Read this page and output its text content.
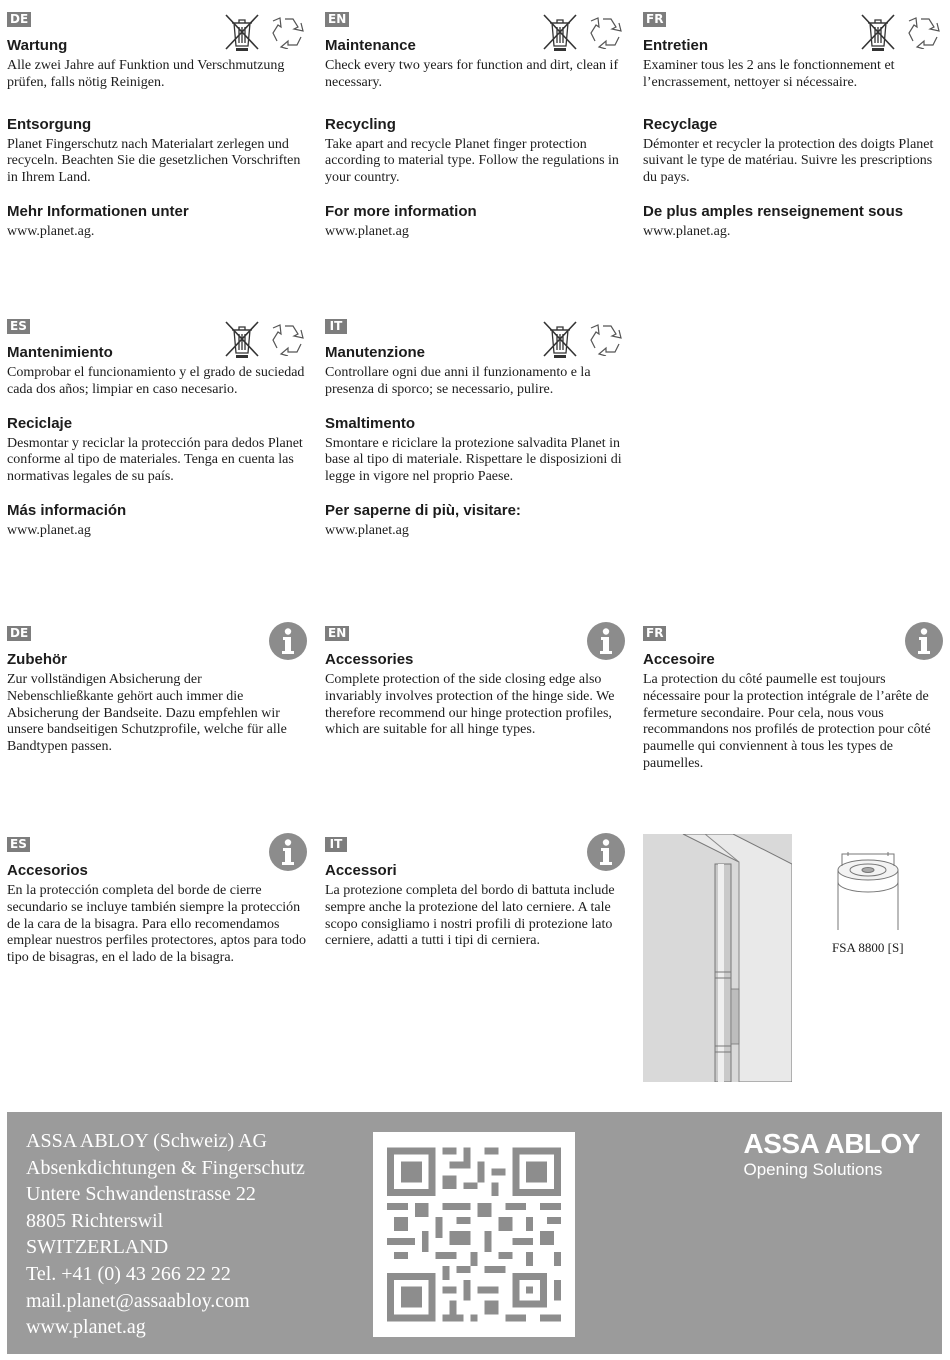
DE
Wartung

Alle zwei Jahre auf Funktion und Verschmutzung prüfen, falls nötig Reinigen.

Entsorgung

Planet Fingerschutz nach Materialart zerlegen und recyceln. Beachten Sie die gesetzlichen Vorschriften in Ihrem Land.

Mehr Informationen unter

www.planet.ag.

EN
Maintenance

Check every two years for function and dirt, clean if necessary.

Recycling

Take apart and recycle Planet finger protection according to material type. Follow the regulations in your country.

For more information

www.planet.ag

FR
Entretien

Examiner tous les 2 ans le fonctionnement et l’encrassement, nettoyer si nécessaire.

Recyclage

Démonter et recycler la protection des doigts Planet suivant le type de matériau. Suivre les prescriptions du pays.

De plus amples renseignement sous

www.planet.ag.

ES
Mantenimiento

Comprobar el funcionamiento y el grado de suciedad cada dos años; limpiar en caso necesario.

Reciclaje

Desmontar y reciclar la protección para dedos Planet conforme al tipo de materiales. Tenga en cuenta las normativas legales de su país.

Más información

www.planet.ag

IT
Manutenzione

Controllare ogni due anni il funzionamento e la presenza di sporco; se necessario, pulire.

Smaltimento

Smontare e riciclare la protezione salvadita Planet in base al tipo di materiale. Rispettare le disposizioni di legge in vigore nel proprio Paese.

Per saperne di più, visitare:

www.planet.ag

DE
Zubehör

Zur vollständigen Absicherung der Nebenschließkante gehört auch immer die Absicherung der Bandseite. Dazu empfehlen wir unsere bandseitigen Schutzprofile, welche für alle Bandtypen passen.

EN
Accessories

Complete protection of the side closing edge also invariably involves protection of the hinge side. We therefore recommend our hinge protection profiles, which are suitable for all hinge types.

FR
Accesoire

La protection du côté paumelle est toujours nécessaire pour la protection intégrale de l’arête de fermeture secondaire. Pour cela, nous vous recommandons nos profilés de protection pour côté paumelle qui conviennent à tous les types de paumelles.

ES
Accesorios

En la protección completa del borde de cierre secundario se incluye también siempre la protección de la cara de la bisagra. Para ello recomendamos emplear nuestros perfiles protectores, aptos para todo tipo de bisagras, en el lado de la bisagra.

IT
Accessori

La protezione completa del bordo di battuta include sempre anche la protezione del lato cerniere. A tale scopo consigliamo i nostri profili di protezione lato cerniere, adatti a tutti i tipi di cerniera.	FSA 8800 [S]
ASSA ABLOY (Schweiz) AG
Absenkdichtungen & Fingerschutz
Untere Schwandenstrasse 22
8805 Richterswil
SWITZERLAND
Tel. +41 (0) 43 266 22 22
mail.planet@assaabloy.com
www.planet.ag
ASSA ABLOY
Opening Solutions
